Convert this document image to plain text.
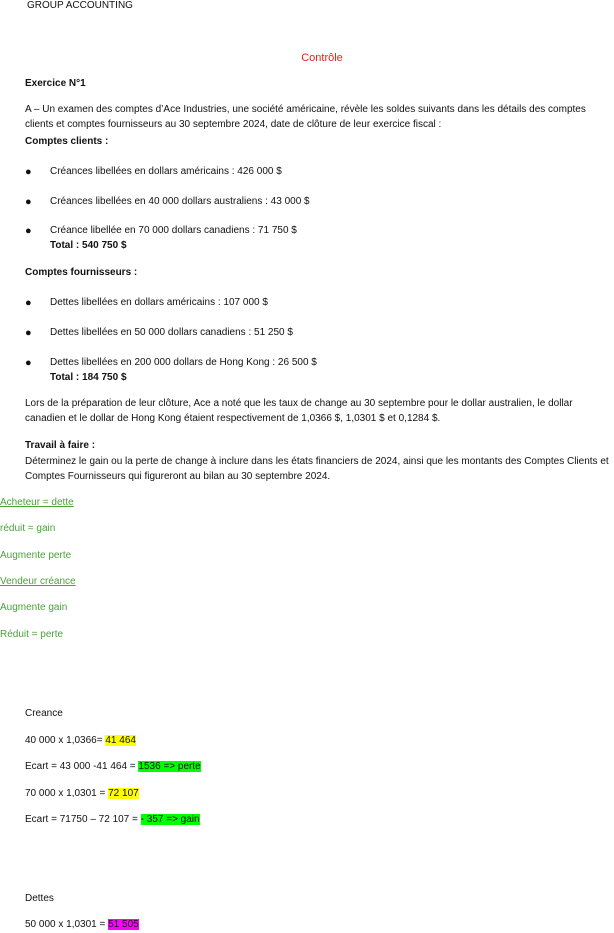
GROUP ACCOUNTING

Contrôle

Exercice N°1

A – Un examen des comptes d’Ace Industries, une société américaine, révèle les soldes suivants dans les détails des comptes clients et comptes fournisseurs au 30 septembre 2024, date de clôture de leur exercice fiscal :

Comptes clients :

● Créances libellées en dollars américains : 426 000 $
● Créances libellées en 40 000 dollars australiens : 43 000 $
● Créance libellée en 70 000 dollars canadiens : 71 750 $

Total : 540 750 $

Comptes fournisseurs :

● Dettes libellées en dollars américains : 107 000 $
● Dettes libellées en 50 000 dollars canadiens : 51 250 $
● Dettes libellées en 200 000 dollars de Hong Kong : 26 500 $

Total : 184 750 $

Lors de la préparation de leur clôture, Ace a noté que les taux de change au 30 septembre pour le dollar australien, le dollar canadien et le dollar de Hong Kong étaient respectivement de 1,0366 $, 1,0301 $ et 0,1284 $.

Travail à faire :

Déterminez le gain ou la perte de change à inclure dans les états financiers de 2024, ainsi que les montants des Comptes Clients et Comptes Fournisseurs qui figureront au bilan au 30 septembre 2024.

Acheteur = dette

réduit = gain

Augmente perte

Vendeur créance

Augmente gain

Réduit = perte

Creance

40 000 x 1,0366= 41 464

Ecart = 43 000 -41 464 = 1536 => perte

70 000 x 1,0301 = 72 107

Ecart = 71750 – 72 107 = - 357 => gain

Dettes

50 000 x 1,0301 = 51 505
